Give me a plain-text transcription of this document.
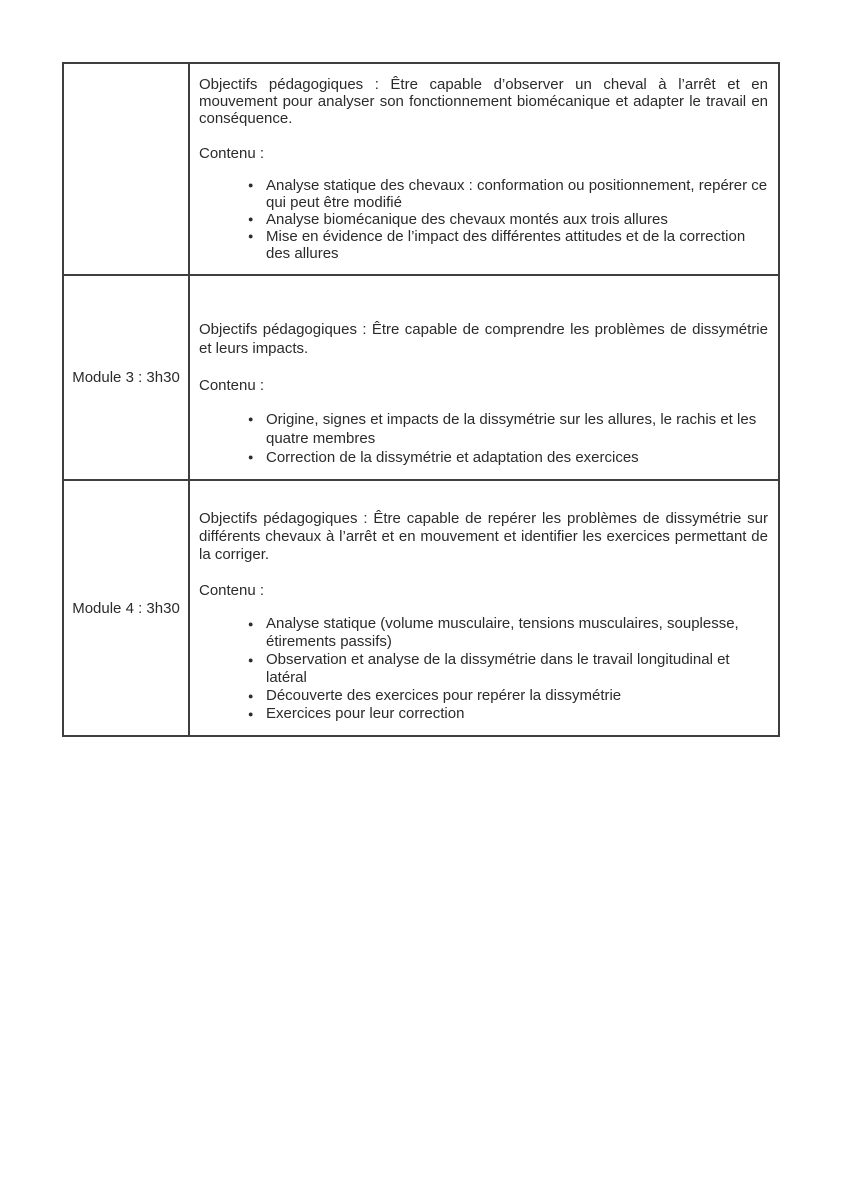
Objectifs pédagogiques : Être capable d’observer un cheval à l’arrêt et en mouvement pour analyser son fonctionnement biomécanique et adapter le travail en conséquence.

Contenu :

● Analyse statique des chevaux : conformation ou positionnement, repérer ce qui peut être modifié
● Analyse biomécanique des chevaux montés aux trois allures
● Mise en évidence de l’impact des différentes attitudes et de la correction des allures
Module 3 : 3h30

Objectifs pédagogiques : Être capable de comprendre les problèmes de dissymétrie et leurs impacts.

Contenu :

● Origine, signes et impacts de la dissymétrie sur les allures, le rachis et les quatre membres
● Correction de la dissymétrie et adaptation des exercices
Module 4 : 3h30

Objectifs pédagogiques : Être capable de repérer les problèmes de dissymétrie sur différents chevaux à l’arrêt et en mouvement et identifier les exercices permettant de la corriger.

Contenu :

● Analyse statique (volume musculaire, tensions musculaires, souplesse, étirements passifs)
● Observation et analyse de la dissymétrie dans le travail longitudinal et latéral
● Découverte des exercices pour repérer la dissymétrie
● Exercices pour leur correction
